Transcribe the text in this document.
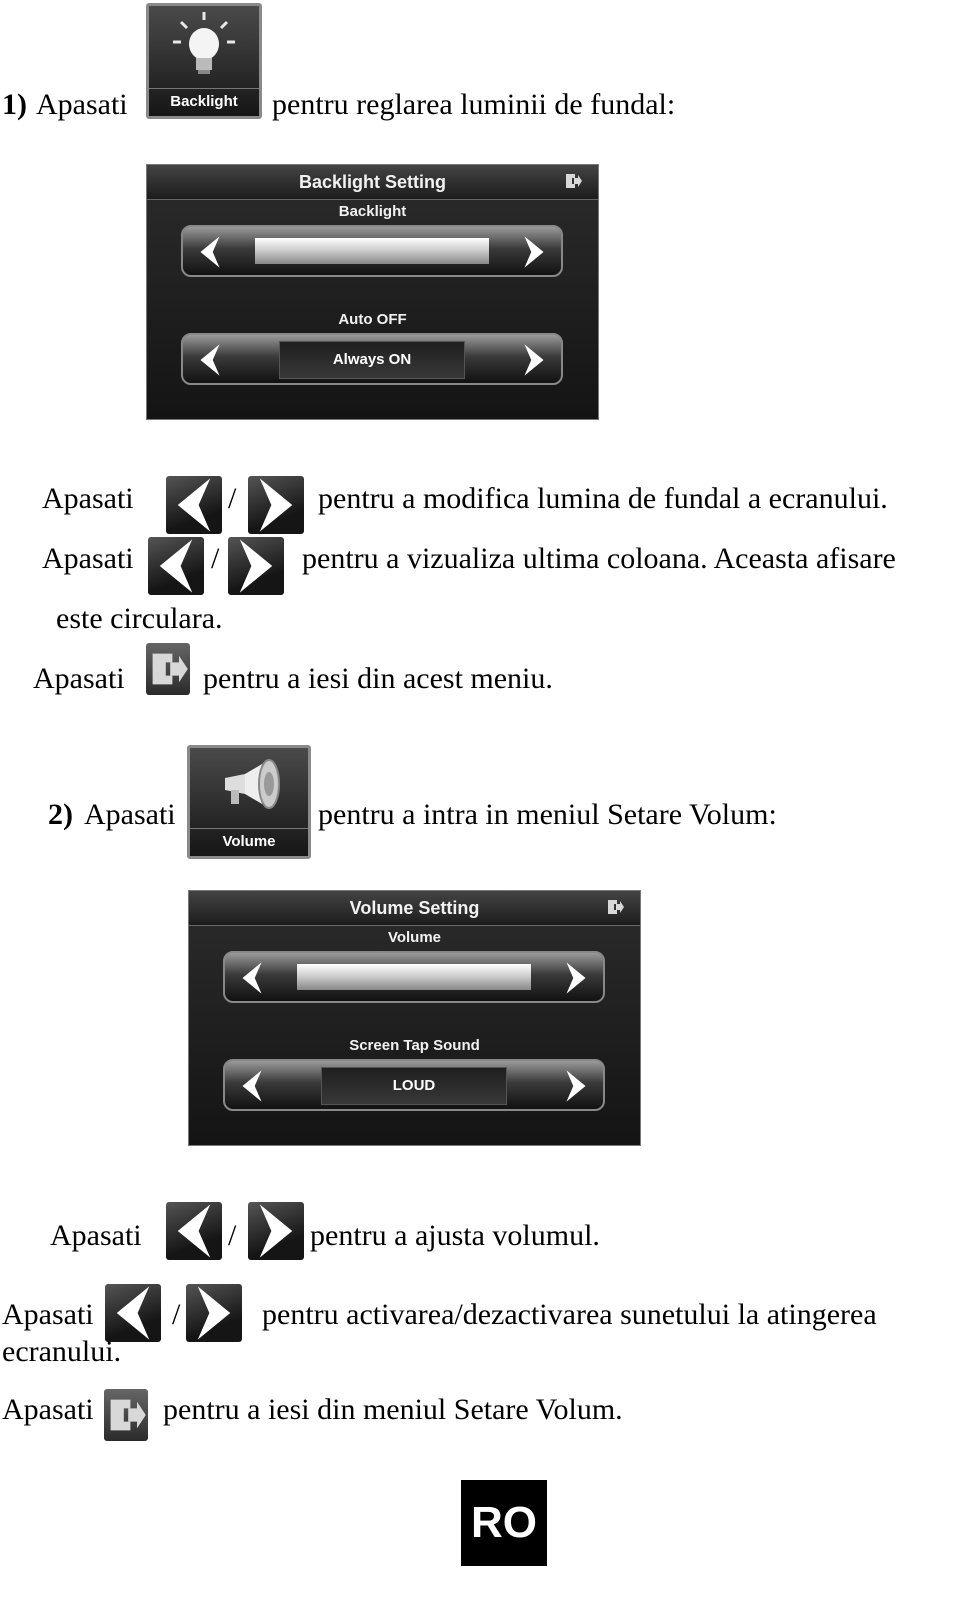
1) Apasati	Backlight	pentru reglarea luminii de fundal:
Backlight Setting
Backlight
Auto OFF
Always ON
Apasati	/	pentru a modifica lumina de fundal a ecranului.
Apasati	/	pentru a vizualiza ultima coloana. Aceasta afisare
este circulara.
Apasati	pentru a iesi din acest meniu.
2) Apasati
Volume
pentru a intra in meniul Setare Volum:
Volume Setting
Volume
Screen Tap Sound
LOUD
Apasati	/ pentru a ajusta volumul.
Apasati	/	pentru activarea/dezactivarea sunetului la atingerea
ecranului.
Apasati pentru a iesi din meniul Setare Volum.
RO
